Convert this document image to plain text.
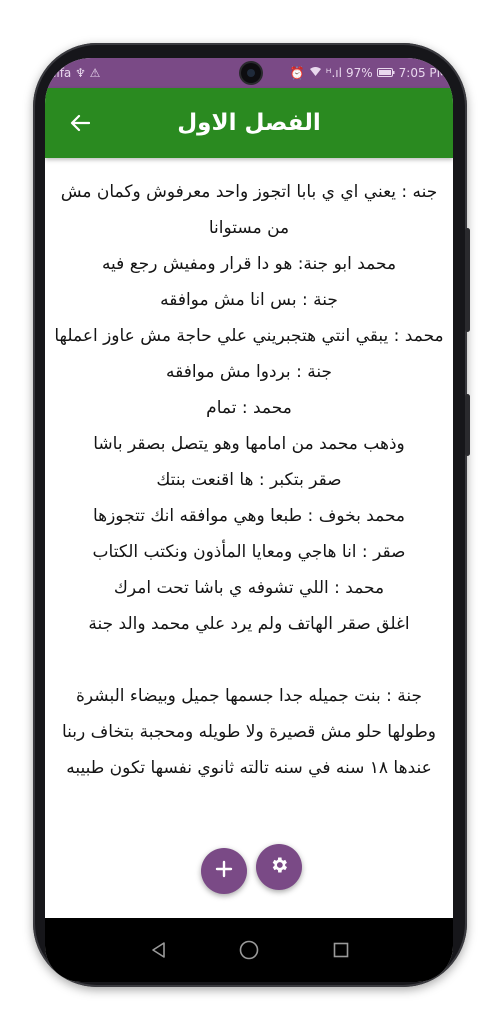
alfa ♆ ⚠	⏰ ᴴ.ıl 97% 7:05 PM
الفصل الاول
جنه : يعني اي ي بابا اتجوز واحد معرفوش وكمان مش من مستوانا
محمد ابو جنة: هو دا قرار ومفيش رجع فيه
جنة : بس انا مش موافقه
محمد : يبقي انتي هتجبريني علي حاجة مش عاوز اعملها
جنة : بردوا مش موافقه
محمد : تمام
وذهب محمد من امامها وهو يتصل بصقر باشا
صقر بتكبر : ها اقنعت بنتك
محمد بخوف : طبعا وهي موافقه انك تتجوزها
صقر : انا هاجي ومعايا المأذون ونكتب الكتاب
محمد : اللي تشوفه ي باشا تحت امرك
اغلق صقر الهاتف ولم يرد علي محمد والد جنة
جنة : بنت جميله جدا جسمها جميل وبيضاء البشرة وطولها حلو مش قصيرة ولا طويله ومحجبة بتخاف ربنا عندها ١٨ سنه في سنه تالته ثانوي نفسها تكون طبيبه
